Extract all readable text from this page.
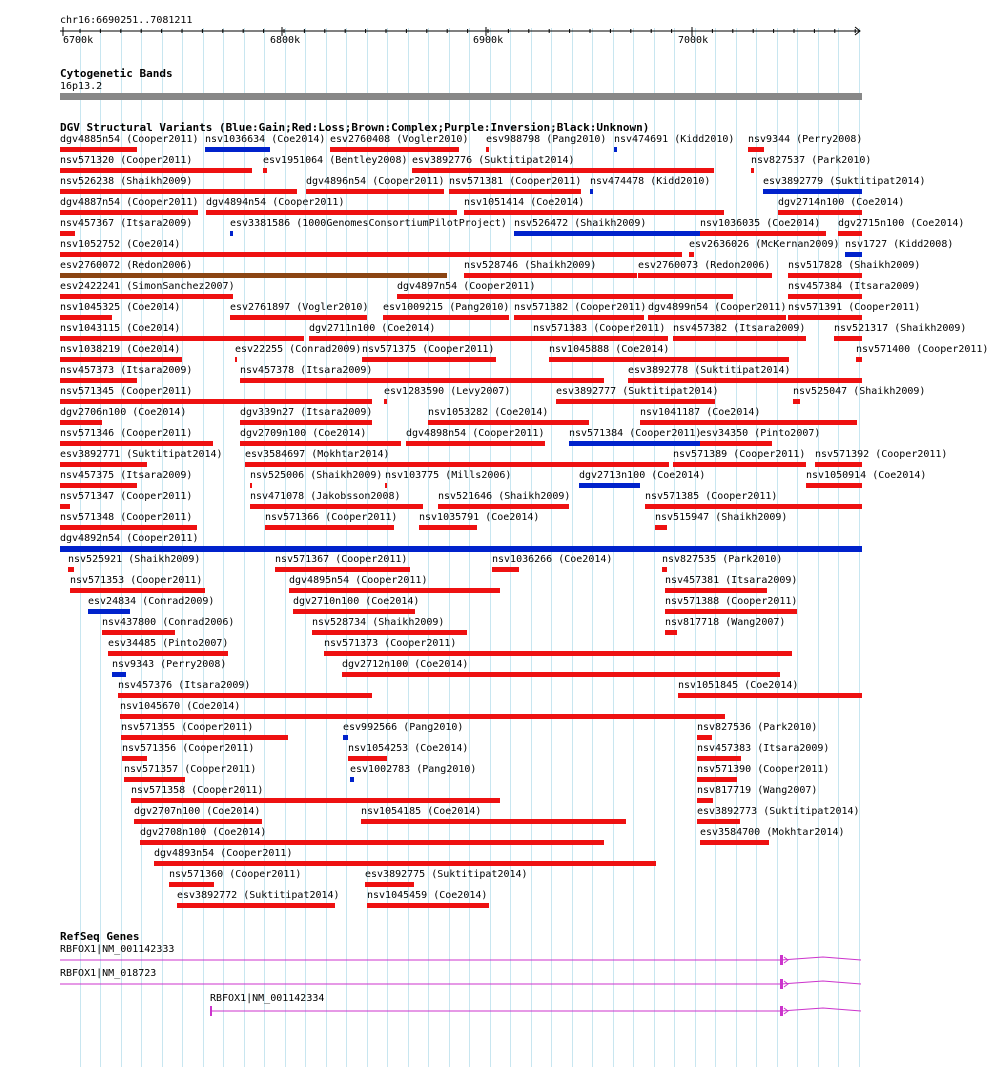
chr16:6690251..7081211
6700k	6800k	6900k	7000k
Cytogenetic Bands
16p13.2
DGV Structural Variants (Blue:Gain;Red:Loss;Brown:Complex;Purple:Inversion;Black:Unknown)
dgv4885n54 (Cooper2011) nsv1036634 (Coe2014) esv2760408 (Vogler2010) esv988798 (Pang2010) nsv474691 (Kidd2010) nsv9344 (Perry2008)
nsv571320 (Cooper2011)	esv1951064 (Bentley2008) esv3892776 (Suktitipat2014)	nsv827537 (Park2010)
nsv526238 (Shaikh2009)	dgv4896n54 (Cooper2011) nsv571381 (Cooper2011) nsv474478 (Kidd2010)	esv3892779 (Suktitipat2014)
dgv4887n54 (Cooper2011) dgv4894n54 (Cooper2011)	nsv1051414 (Coe2014)	dgv2714n100 (Coe2014)
nsv457367 (Itsara2009)	esv3381586 (1000GenomesConsortiumPilotProject) nsv526472 (Shaikh2009)	nsv1036035 (Coe2014) dgv2715n100 (Coe2014)
nsv1052752 (Coe2014)	esv2636026 (McKernan2009) nsv1727 (Kidd2008)
esv2760072 (Redon2006)	nsv528746 (Shaikh2009)	esv2760073 (Redon2006) nsv517828 (Shaikh2009)
esv2422241 (SimonSanchez2007)	dgv4897n54 (Cooper2011)	nsv457384 (Itsara2009)
nsv1045325 (Coe2014)	esv2761897 (Vogler2010) esv1009215 (Pang2010) nsv571382 (Cooper2011) dgv4899n54 (Cooper2011) nsv571391 (Cooper2011)
nsv1043115 (Coe2014)	dgv2711n100 (Coe2014)	nsv571383 (Cooper2011) nsv457382 (Itsara2009)	nsv521317 (Shaikh2009)
nsv1038219 (Coe2014)	esv22255 (Conrad2009) nsv571375 (Cooper2011)	nsv1045888 (Coe2014)	nsv571400 (Cooper2011)
nsv457373 (Itsara2009)	nsv457378 (Itsara2009)	esv3892778 (Suktitipat2014)
nsv571345 (Cooper2011)	esv1283590 (Levy2007)	esv3892777 (Suktitipat2014)	nsv525047 (Shaikh2009)
dgv2706n100 (Coe2014)	dgv339n27 (Itsara2009)	nsv1053282 (Coe2014)	nsv1041187 (Coe2014)
nsv571346 (Cooper2011)	dgv2709n100 (Coe2014)	dgv4898n54 (Cooper2011) nsv571384 (Cooper2011)
esv34350 (Pinto2007)
esv3892771 (Suktitipat2014) esv3584697 (Mokhtar2014)	nsv571389 (Cooper2011) nsv571392 (Cooper2011)
nsv457375 (Itsara2009)	nsv525006 (Shaikh2009) nsv103775 (Mills2006)	dgv2713n100 (Coe2014)	nsv1050914 (Coe2014)
nsv571347 (Cooper2011)	nsv471078 (Jakobsson2008)	nsv521646 (Shaikh2009)	nsv571385 (Cooper2011)
nsv571348 (Cooper2011)	nsv571366 (Cooper2011) nsv1035791 (Coe2014)	nsv515947 (Shaikh2009)
dgv4892n54 (Cooper2011)
nsv525921 (Shaikh2009)	nsv571367 (Cooper2011)	nsv1036266 (Coe2014)	nsv827535 (Park2010)
nsv571353 (Cooper2011)	dgv4895n54 (Cooper2011)	nsv457381 (Itsara2009)
esv24834 (Conrad2009)	dgv2710n100 (Coe2014)	nsv571388 (Cooper2011)
nsv437800 (Conrad2006)	nsv528734 (Shaikh2009)	nsv817718 (Wang2007)
esv34485 (Pinto2007)	nsv571373 (Cooper2011)
nsv9343 (Perry2008)	dgv2712n100 (Coe2014)
nsv457376 (Itsara2009)	nsv1051845 (Coe2014)
nsv1045670 (Coe2014)
nsv571355 (Cooper2011)	esv992566 (Pang2010)	nsv827536 (Park2010)
nsv571356 (Cooper2011)	nsv1054253 (Coe2014)	nsv457383 (Itsara2009)
nsv571357 (Cooper2011)	esv1002783 (Pang2010)	nsv571390 (Cooper2011)
nsv571358 (Cooper2011)	nsv817719 (Wang2007)
dgv2707n100 (Coe2014)	nsv1054185 (Coe2014)	esv3892773 (Suktitipat2014)
dgv2708n100 (Coe2014)	esv3584700 (Mokhtar2014)
dgv4893n54 (Cooper2011)
nsv571360 (Cooper2011)	esv3892775 (Suktitipat2014)
esv3892772 (Suktitipat2014)	nsv1045459 (Coe2014)
RefSeq Genes
RBFOX1|NM_001142333
RBFOX1|NM_018723
RBFOX1|NM_001142334
